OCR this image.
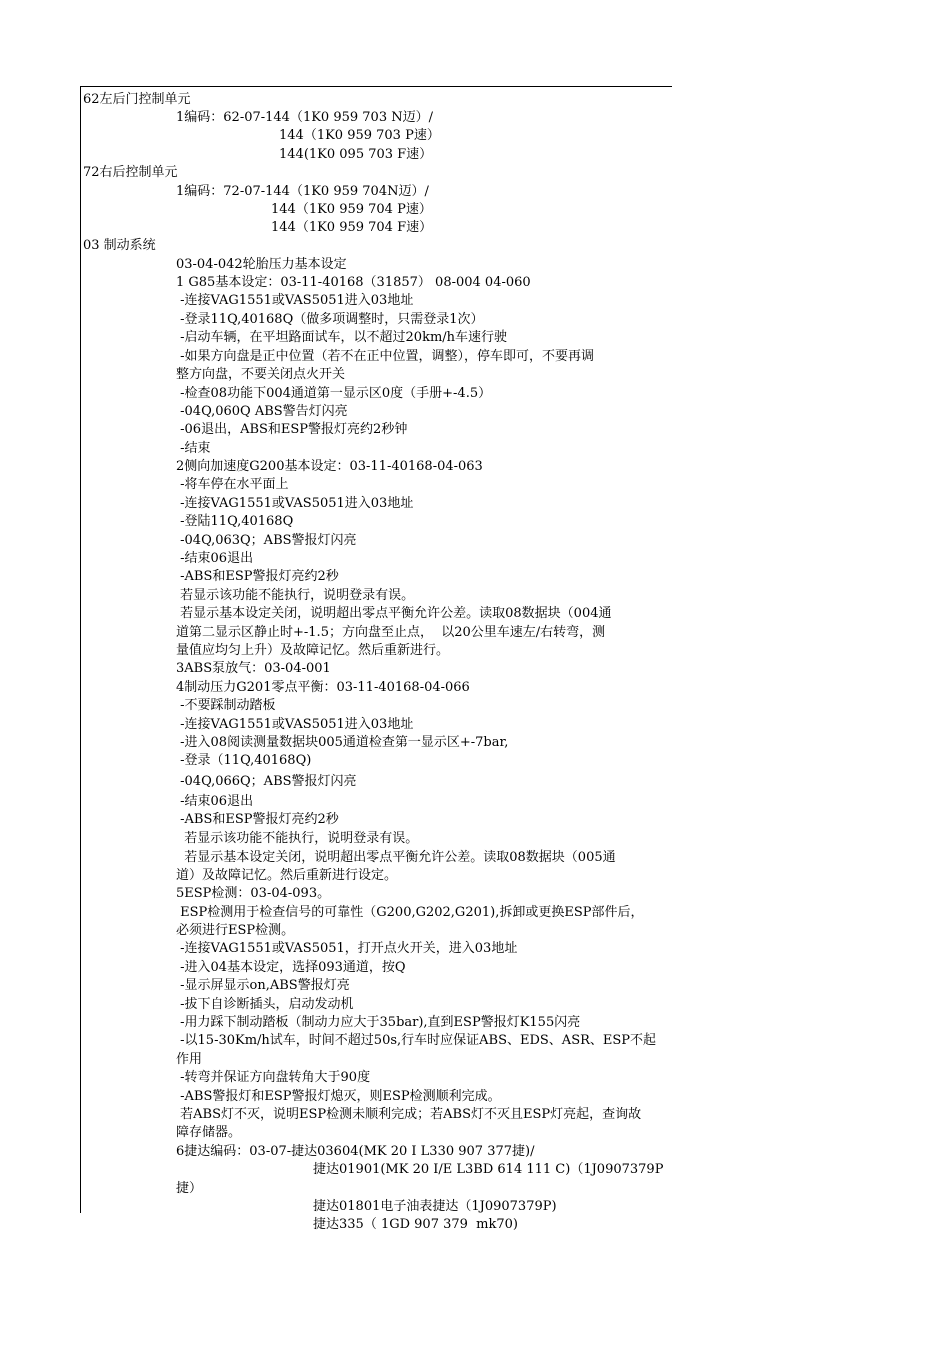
62左后门控制单元
1编码：62-07-144（1K0 959 703 N迈）/
144（1K0 959 703 P速）
144(1K0 095 703 F速）
72右后控制单元
1编码：72-07-144（1K0 959 704N迈）/
144（1K0 959 704 P速）
144（1K0 959 704 F速）
03 制动系统
03-04-042轮胎压力基本设定
1 G85基本设定：03-11-40168（31857） 08-004 04-060
-连接VAG1551或VAS5051进入03地址
-登录11Q,40168Q（做多项调整时，只需登录1次）
-启动车辆，在平坦路面试车，以不超过20km/h车速行驶
-如果方向盘是正中位置（若不在正中位置，调整），停车即可，不要再调
整方向盘，不要关闭点火开关
-检查08功能下004通道第一显示区0度（手册+-4.5）
-04Q,060Q ABS警告灯闪亮
-06退出，ABS和ESP警报灯亮约2秒钟
-结束
2侧向加速度G200基本设定：03-11-40168-04-063
-将车停在水平面上
-连接VAG1551或VAS5051进入03地址
-登陆11Q,40168Q
-04Q,063Q；ABS警报灯闪亮
-结束06退出
-ABS和ESP警报灯亮约2秒
若显示该功能不能执行，说明登录有误。
若显示基本设定关闭，说明超出零点平衡允许公差。读取08数据块（004通
道第二显示区静止时+-1.5；方向盘至止点，  以20公里车速左/右转弯，测
量值应均匀上升）及故障记忆。然后重新进行。
3ABS泵放气：03-04-001
4制动压力G201零点平衡：03-11-40168-04-066
-不要踩制动踏板
-连接VAG1551或VAS5051进入03地址
-进入08阅读测量数据块005通道检查第一显示区+-7bar,
-登录（11Q,40168Q)
-04Q,066Q；ABS警报灯闪亮
-结束06退出
-ABS和ESP警报灯亮约2秒
若显示该功能不能执行，说明登录有误。
若显示基本设定关闭，说明超出零点平衡允许公差。读取08数据块（005通
道）及故障记忆。然后重新进行设定。
5ESP检测：03-04-093。
ESP检测用于检查信号的可靠性（G200,G202,G201),拆卸或更换ESP部件后，
必须进行ESP检测。
-连接VAG1551或VAS5051，打开点火开关，进入03地址
-进入04基本设定，选择093通道，按Q
-显示屏显示on,ABS警报灯亮
-拔下自诊断插头，启动发动机
-用力踩下制动踏板（制动力应大于35bar),直到ESP警报灯K155闪亮
-以15-30Km/h试车，时间不超过50s,行车时应保证ABS、EDS、ASR、ESP不起
作用
-转弯并保证方向盘转角大于90度
-ABS警报灯和ESP警报灯熄灭，则ESP检测顺利完成。
若ABS灯不灭，说明ESP检测未顺利完成；若ABS灯不灭且ESP灯亮起，查询故
障存储器。
6捷达编码：03-07-捷达03604(MK 20 I L330 907 377捷)/
捷达01901(MK 20 I/E L3BD 614 111 C)（1J0907379P
捷）
捷达01801电子油表捷达（1J0907379P)
捷达335（ 1GD 907 379  mk70)
